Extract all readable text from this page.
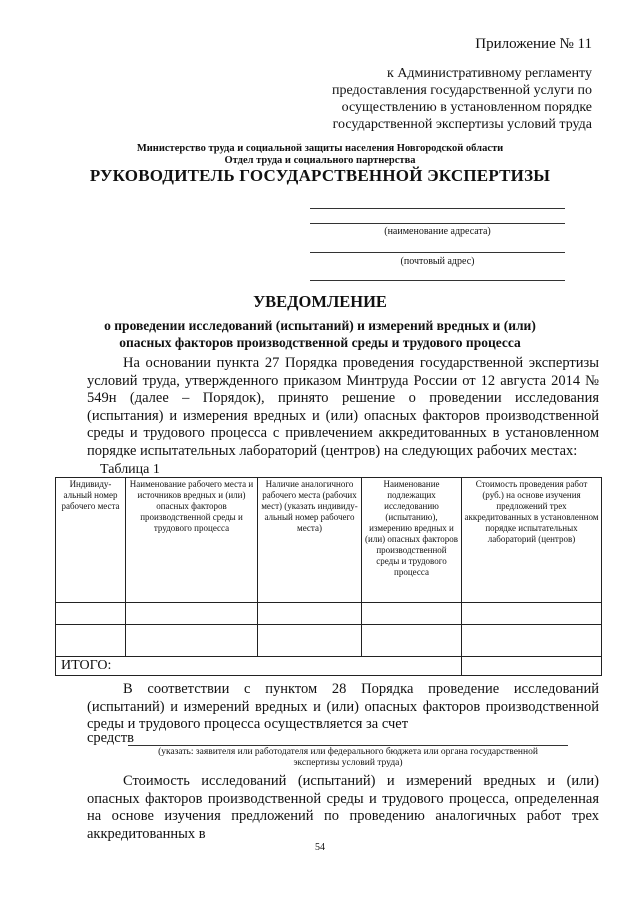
Приложение № 11
к Административному регламенту
предоставления государственной услуги по
осуществлению в установленном порядке
государственной экспертизы условий труда
Министерство труда и социальной защиты населения Новгородской области
Отдел труда и социального партнерства
РУКОВОДИТЕЛЬ ГОСУДАРСТВЕННОЙ ЭКСПЕРТИЗЫ
(наименование адресата)
(почтовый адрес)
УВЕДОМЛЕНИЕ
о проведении исследований (испытаний) и измерений вредных и (или)
опасных факторов производственной среды и трудового процесса
На основании пункта 27 Порядка проведения государственной экспертизы условий труда, утвержденного приказом Минтруда России от 12 августа 2014 № 549н (далее – Порядок), принято решение о проведении исследования (испытания) и измерения вредных и (или) опасных факторов производственной среды и трудового процесса с привлечением аккредитованных в установленном порядке испытательных лабораторий (центров) на следующих рабочих местах:
Таблица 1
Индивиду-альный номер рабочего места	Наименование рабочего места и источников вредных и (или) опасных факторов производственной среды и трудового процесса	Наличие аналогичного рабочего места (рабочих мест) (указать индивиду-альный номер рабочего места)	Наименование подлежащих исследованию (испытанию), измерению вредных и (или) опасных факторов производственной среды и трудового процесса	Стоимость проведения работ (руб.) на основе изучения предложений трех аккредитованных в установленном порядке испытательных лабораторий (центров)

ИТОГО:				
В соответствии с пунктом 28 Порядка проведение исследований (испытаний) и измерений вредных и (или) опасных факторов производственной среды и трудового процесса осуществляется за счет
средств
(указать: заявителя или работодателя или федерального бюджета или органа государственной
экспертизы условий труда)
Стоимость исследований (испытаний) и измерений вредных и (или) опасных факторов производственной среды и трудового процесса, определенная на основе изучения предложений по проведению аналогичных работ трех аккредитованных в
54
